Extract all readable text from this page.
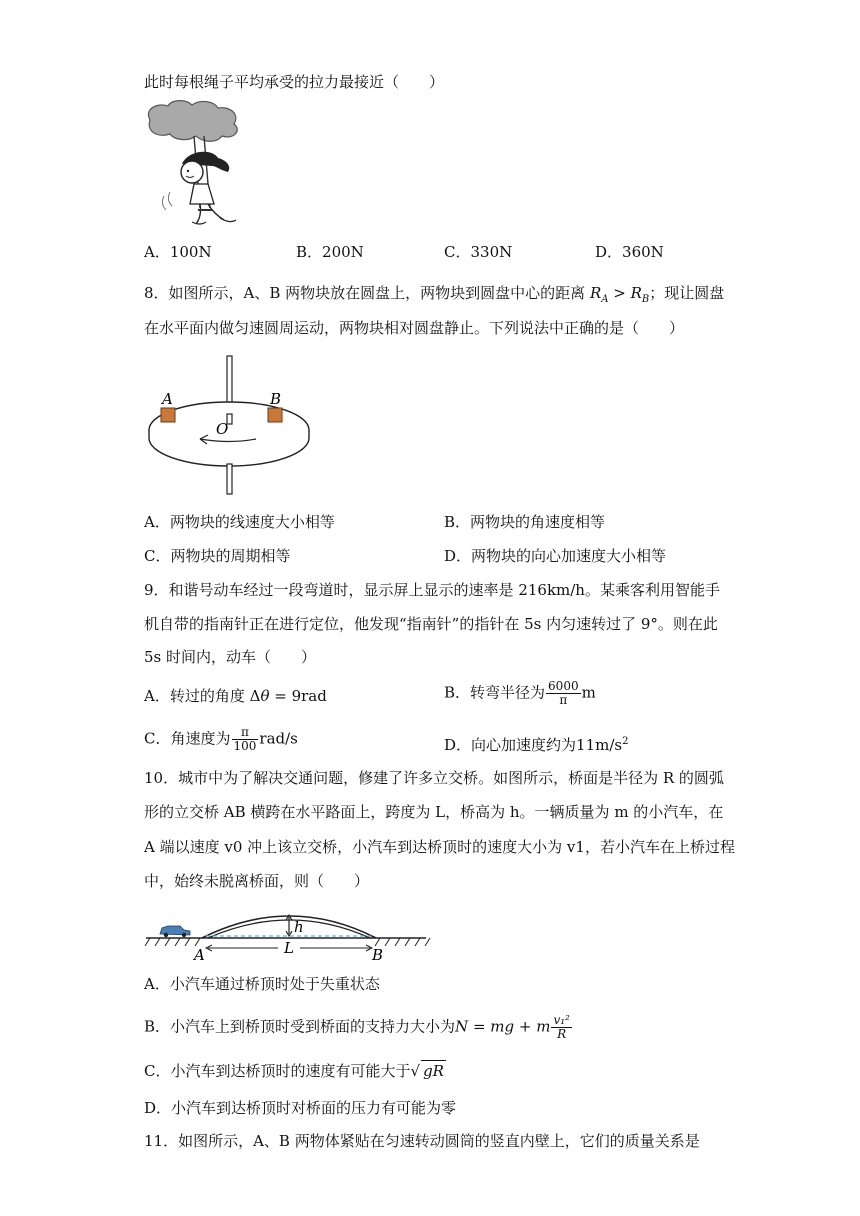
此时每根绳子平均承受的拉力最接近（　　）
A．100N	B．200N	C．330N	D．360N
8．如图所示，A、B 两物块放在圆盘上，两物块到圆盘中心的距离 $R_A > R_B$；现让圆盘
在水平面内做匀速圆周运动，两物块相对圆盘静止。下列说法中正确的是（　　）
A	B
O
A．两物块的线速度大小相等	B．两物块的角速度相等
C．两物块的周期相等	D．两物块的向心加速度大小相等
9．和谐号动车经过一段弯道时，显示屏上显示的速率是 216km/h。某乘客利用智能手
机自带的指南针正在进行定位，他发现“指南针”的指针在 5s 内匀速转过了 9°。则在此
5s 时间内，动车（　　）
A．转过的角度 Δθ = 9rad	B．转弯半径为 $\frac{6000}{\pi}$ m
C．角速度为 $\frac{\pi}{100} rad/s$	D．向心加速度约为$11m/s^2$
10．城市中为了解决交通问题，修建了许多立交桥。如图所示，桥面是半径为 R 的圆弧
形的立交桥 AB 横跨在水平路面上，跨度为 L，桥高为 h。一辆质量为 m 的小汽车，在
A 端以速度 v0 冲上该立交桥，小汽车到达桥顶时的速度大小为 v1，若小汽车在上桥过程
中，始终未脱离桥面，则（　　）
h
L
A	B
A．小汽车通过桥顶时处于失重状态
B．小汽车上到桥顶时受到桥面的支持力大小为N = mg + m $\frac{\text{v₁²}}{R}$
C．小汽车到达桥顶时的速度有可能大于√ gR
D．小汽车到达桥顶时对桥面的压力有可能为零
11．如图所示，A、B 两物体紧贴在匀速转动圆筒的竖直内壁上，它们的质量关系是
